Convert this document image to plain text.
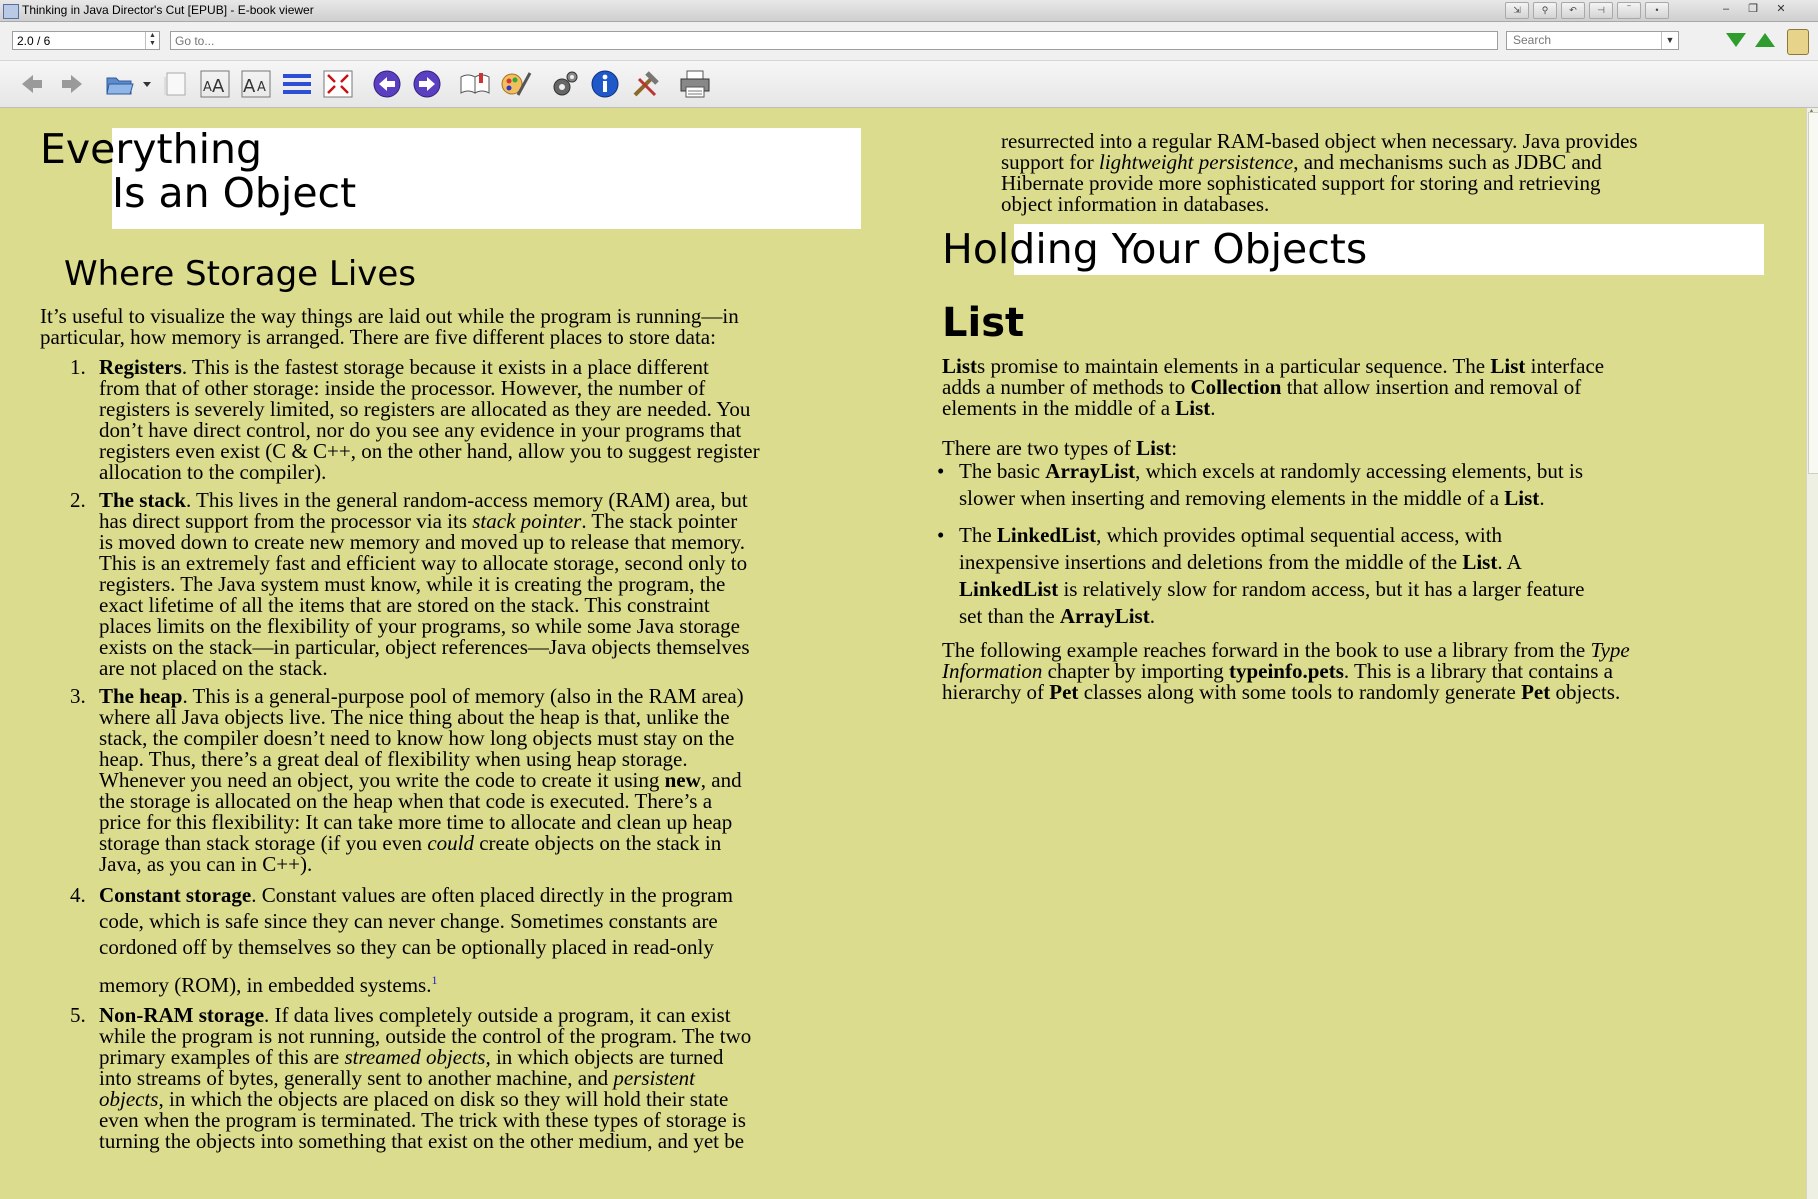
Thinking in Java Director's Cut [EPUB] - E-book viewer	⇲	⚲	↶	⊣	‾	•	–	❐	✕
2.0 / 6	▲
▼
Go to...	Search	▼
A A A A
Everything
Is an Object
Where Storage Lives
It’s useful to visualize the way things are laid out while the program is running—in
particular, how memory is arranged. There are five different places to store data:
1. Registers. This is the fastest storage because it exists in a place different
from that of other storage: inside the processor. However, the number of
registers is severely limited, so registers are allocated as they are needed. You
don’t have direct control, nor do you see any evidence in your programs that
registers even exist (C & C++, on the other hand, allow you to suggest register
allocation to the compiler).
2. The stack. This lives in the general random-access memory (RAM) area, but
has direct support from the processor via its stack pointer. The stack pointer
is moved down to create new memory and moved up to release that memory.
This is an extremely fast and efficient way to allocate storage, second only to
registers. The Java system must know, while it is creating the program, the
exact lifetime of all the items that are stored on the stack. This constraint
places limits on the flexibility of your programs, so while some Java storage
exists on the stack—in particular, object references—Java objects themselves
are not placed on the stack.
3. The heap. This is a general-purpose pool of memory (also in the RAM area)
where all Java objects live. The nice thing about the heap is that, unlike the
stack, the compiler doesn’t need to know how long objects must stay on the
heap. Thus, there’s a great deal of flexibility when using heap storage.
Whenever you need an object, you write the code to create it using new, and
the storage is allocated on the heap when that code is executed. There’s a
price for this flexibility: It can take more time to allocate and clean up heap
storage than stack storage (if you even could create objects on the stack in
Java, as you can in C++).
4. Constant storage. Constant values are often placed directly in the program
code, which is safe since they can never change. Sometimes constants are
cordoned off by themselves so they can be optionally placed in read-only
memory (ROM), in embedded systems.$^1$
5. Non-RAM storage. If data lives completely outside a program, it can exist
while the program is not running, outside the control of the program. The two
primary examples of this are streamed objects, in which objects are turned
into streams of bytes, generally sent to another machine, and persistent
objects, in which the objects are placed on disk so they will hold their state
even when the program is terminated. The trick with these types of storage is
turning the objects into something that exist on the other medium, and yet be
resurrected into a regular RAM-based object when necessary. Java provides
support for lightweight persistence, and mechanisms such as JDBC and
Hibernate provide more sophisticated support for storing and retrieving
object information in databases.
Holding Your Objects
List
Lists promise to maintain elements in a particular sequence. The List interface
adds a number of methods to Collection that allow insertion and removal of
elements in the middle of a List.
There are two types of List:
• The basic ArrayList, which excels at randomly accessing elements, but is
slower when inserting and removing elements in the middle of a List.
• The LinkedList, which provides optimal sequential access, with
inexpensive insertions and deletions from the middle of the List. A
LinkedList is relatively slow for random access, but it has a larger feature
set than the ArrayList.
The following example reaches forward in the book to use a library from the Type
Information chapter by importing typeinfo.pets. This is a library that contains a
hierarchy of Pet classes along with some tools to randomly generate Pet objects.
